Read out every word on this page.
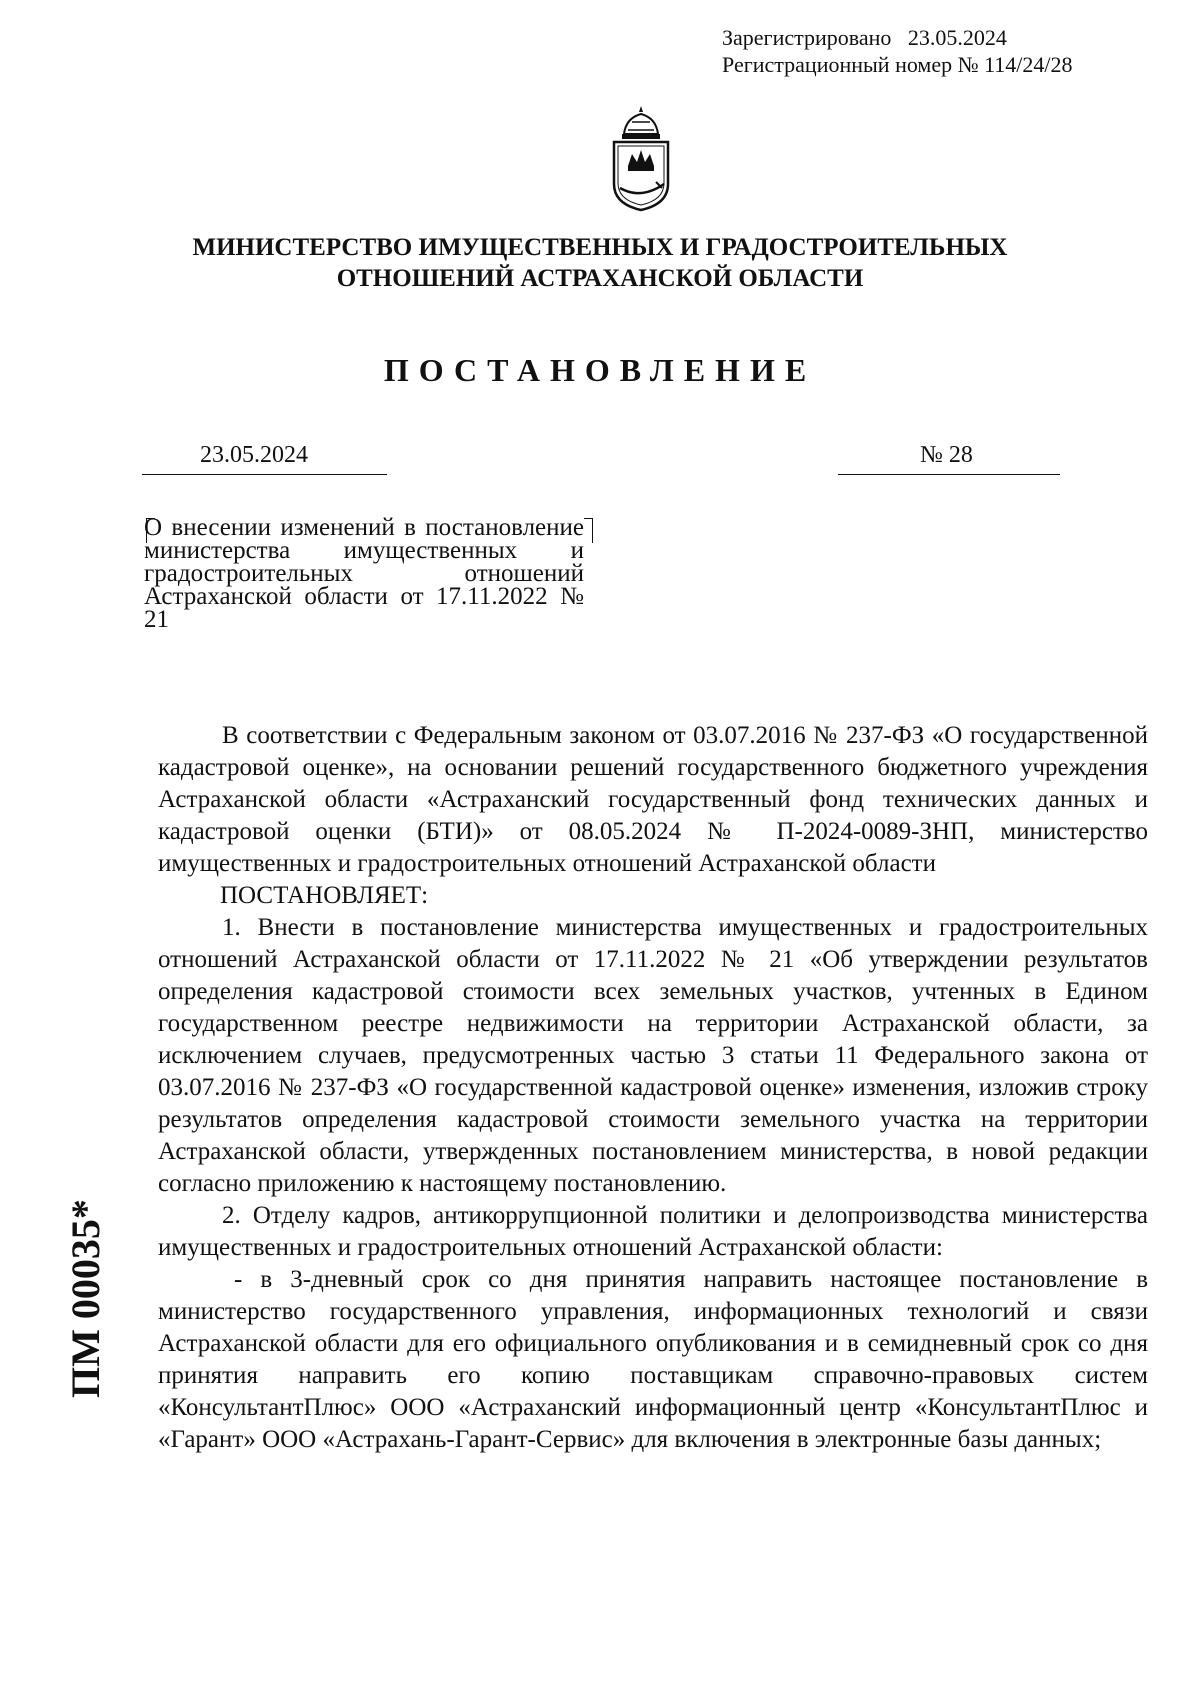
Зарегистрировано   23.05.2024
Регистрационный номер № 114/24/28
МИНИСТЕРСТВО ИМУЩЕСТВЕННЫХ И ГРАДОСТРОИТЕЛЬНЫХ
ОТНОШЕНИЙ АСТРАХАНСКОЙ ОБЛАСТИ
ПОСТАНОВЛЕНИЕ
23.05.2024	№ 28
О внесении изменений в постановление министерства имущественных и градостроительных отношений Астраханской области от 17.11.2022 № 21

В соответствии с Федеральным законом от 03.07.2016 № 237-ФЗ «О государственной кадастровой оценке», на основании решений государственного бюджетного учреждения Астраханской области «Астраханский государственный фонд технических данных и кадастровой оценки (БТИ)» от 08.05.2024 № П-2024-0089-ЗНП, министерство имущественных и градостроительных отношений Астраханской области

ПОСТАНОВЛЯЕТ:

1. Внести в постановление министерства имущественных и градостроительных отношений Астраханской области от 17.11.2022 № 21 «Об утверждении результатов определения кадастровой стоимости всех земельных участков, учтенных в Едином государственном реестре недвижимости на территории Астраханской области, за исключением случаев, предусмотренных частью 3 статьи 11 Федерального закона от 03.07.2016 № 237-ФЗ «О государственной кадастровой оценке» изменения, изложив строку результатов определения кадастровой стоимости земельного участка на территории Астраханской области, утвержденных постановлением министерства, в новой редакции согласно приложению к настоящему постановлению.

2. Отделу кадров, антикоррупционной политики и делопроизводства министерства имущественных и градостроительных отношений Астраханской области:

- в 3-дневный срок со дня принятия направить настоящее постановление в министерство государственного управления, информационных технологий и связи Астраханской области для его официального опубликования и в семидневный срок со дня принятия направить его копию поставщикам справочно-правовых систем «КонсультантПлюс» ООО «Астраханский информационный центр «КонсультантПлюс и «Гарант» ООО «Астрахань-Гарант-Сервис» для включения в электронные базы данных;

ПМ 00035*
